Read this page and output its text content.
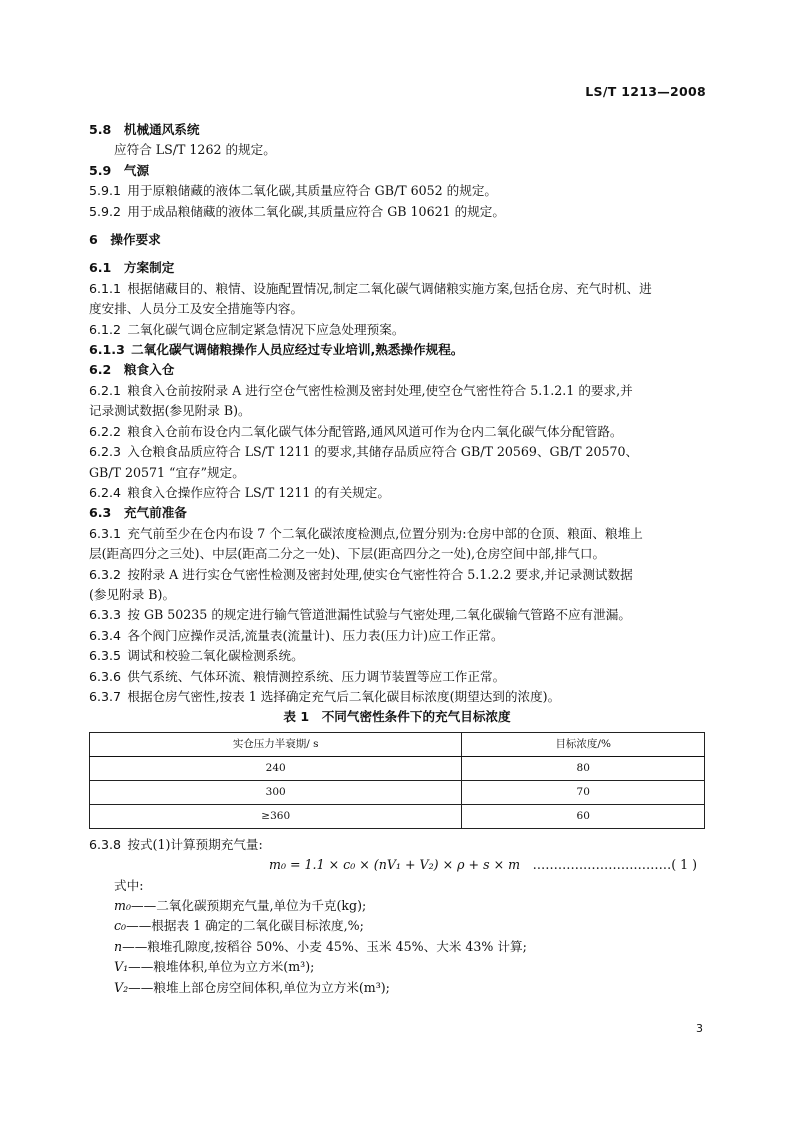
LS/T 1213—2008
5.8  机械通风系统
应符合 LS/T 1262 的规定。
5.9  气源
5.9.1  用于原粮储藏的液体二氧化碳,其质量应符合 GB/T 6052 的规定。
5.9.2  用于成品粮储藏的液体二氧化碳,其质量应符合 GB 10621 的规定。
6  操作要求
6.1  方案制定
6.1.1  根据储藏目的、粮情、设施配置情况,制定二氧化碳气调储粮实施方案,包括仓房、充气时机、进
度安排、人员分工及安全措施等内容。
6.1.2  二氧化碳气调仓应制定紧急情况下应急处理预案。
6.1.3  二氧化碳气调储粮操作人员应经过专业培训,熟悉操作规程。
6.2  粮食入仓
6.2.1  粮食入仓前按附录 A 进行空仓气密性检测及密封处理,使空仓气密性符合 5.1.2.1 的要求,并
记录测试数据(参见附录 B)。
6.2.2  粮食入仓前布设仓内二氧化碳气体分配管路,通风风道可作为仓内二氧化碳气体分配管路。
6.2.3  入仓粮食品质应符合 LS/T 1211 的要求,其储存品质应符合 GB/T 20569、GB/T 20570、
GB/T 20571 “宜存”规定。
6.2.4  粮食入仓操作应符合 LS/T 1211 的有关规定。
6.3  充气前准备
6.3.1  充气前至少在仓内布设 7 个二氧化碳浓度检测点,位置分别为:仓房中部的仓顶、粮面、粮堆上
层(距高四分之三处)、中层(距高二分之一处)、下层(距高四分之一处),仓房空间中部,排气口。
6.3.2  按附录 A 进行实仓气密性检测及密封处理,使实仓气密性符合 5.1.2.2 要求,并记录测试数据
(参见附录 B)。
6.3.3  按 GB 50235 的规定进行输气管道泄漏性试验与气密处理,二氧化碳输气管路不应有泄漏。
6.3.4  各个阀门应操作灵活,流量表(流量计)、压力表(压力计)应工作正常。
6.3.5  调试和校验二氧化碳检测系统。
6.3.6  供气系统、气体环流、粮情测控系统、压力调节装置等应工作正常。
6.3.7  根据仓房气密性,按表 1 选择确定充气后二氧化碳目标浓度(期望达到的浓度)。
表 1　不同气密性条件下的充气目标浓度
实仓压力半衰期/ s	目标浓度/%
240	80
300	70
≥360	60
6.3.8  按式(1)计算预期充气量:
m₀ = 1.1 × c₀ × (nV₁ + V₂) × ρ + s × m  ……………………………( 1 )
式中:
m₀——二氧化碳预期充气量,单位为千克(kg);
c₀——根据表 1 确定的二氧化碳目标浓度,%;
n——粮堆孔隙度,按稻谷 50%、小麦 45%、玉米 45%、大米 43% 计算;
V₁——粮堆体积,单位为立方米(m³);
V₂——粮堆上部仓房空间体积,单位为立方米(m³);
3
